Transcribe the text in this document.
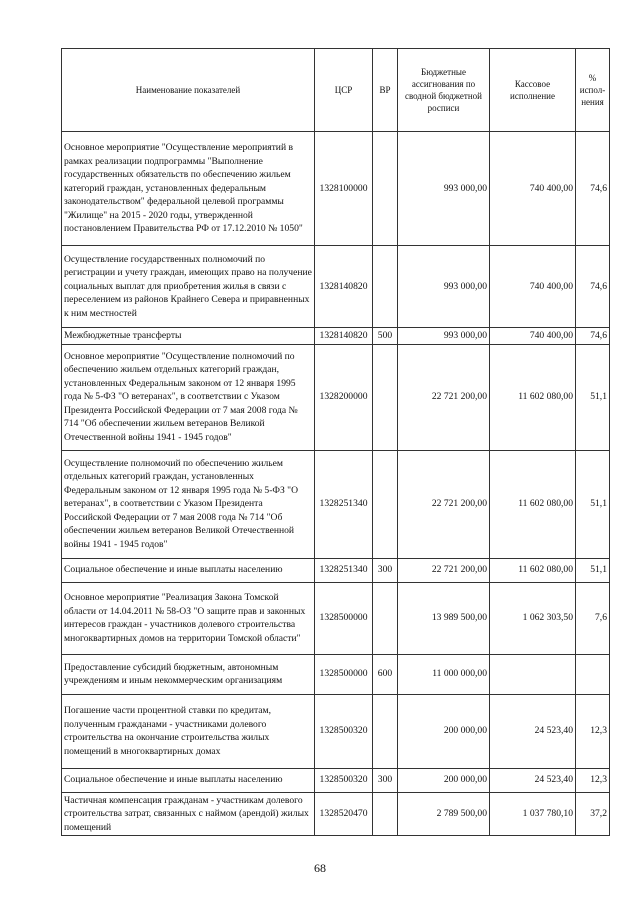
Наименование показателей	ЦСР	ВР	Бюджетные ассигнования по сводной бюджетной росписи	Кассовое исполнение	% испол-нения
Основное мероприятие "Осуществление мероприятий в рамках реализации подпрограммы "Выполнение государственных обязательств по обеспечению жильем категорий граждан, установленных федеральным законодательством" федеральной целевой программы "Жилище" на 2015 - 2020 годы, утвержденной постановлением Правительства РФ от 17.12.2010 № 1050"	1328100000		993 000,00	740 400,00	74,6
Осуществление государственных полномочий по регистрации и учету граждан, имеющих право на получение социальных выплат для приобретения жилья в связи с переселением из районов Крайнего Севера и приравненных к ним местностей	1328140820		993 000,00	740 400,00	74,6
Межбюджетные трансферты	1328140820	500	993 000,00	740 400,00	74,6
Основное мероприятие "Осуществление полномочий по обеспечению жильем отдельных категорий граждан, установленных Федеральным законом от 12 января 1995 года № 5-ФЗ "О ветеранах", в соответствии с Указом Президента Российской Федерации от 7 мая 2008 года № 714 "Об обеспечении жильем ветеранов Великой Отечественной войны 1941 - 1945 годов"	1328200000		22 721 200,00	11 602 080,00	51,1
Осуществление полномочий по обеспечению жильем отдельных категорий граждан, установленных Федеральным законом от 12 января 1995 года № 5-ФЗ "О ветеранах", в соответствии с Указом Президента Российской Федерации от 7 мая 2008 года № 714 "Об обеспечении жильем ветеранов Великой Отечественной войны 1941 - 1945 годов"	1328251340		22 721 200,00	11 602 080,00	51,1
Социальное обеспечение и иные выплаты населению	1328251340	300	22 721 200,00	11 602 080,00	51,1
Основное мероприятие "Реализация Закона Томской области от 14.04.2011 № 58-ОЗ "О защите прав и законных интересов граждан - участников долевого строительства многоквартирных домов на территории Томской области"	1328500000		13 989 500,00	1 062 303,50	7,6
Предоставление субсидий бюджетным, автономным учреждениям и иным некоммерческим организациям	1328500000	600	11 000 000,00		
Погашение части процентной ставки по кредитам, полученным гражданами - участниками долевого строительства на окончание строительства жилых помещений в многоквартирных домах	1328500320		200 000,00	24 523,40	12,3
Социальное обеспечение и иные выплаты населению	1328500320	300	200 000,00	24 523,40	12,3
Частичная компенсация гражданам - участникам долевого строительства затрат, связанных с наймом (арендой) жилых помещений	1328520470		2 789 500,00	1 037 780,10	37,2
68
